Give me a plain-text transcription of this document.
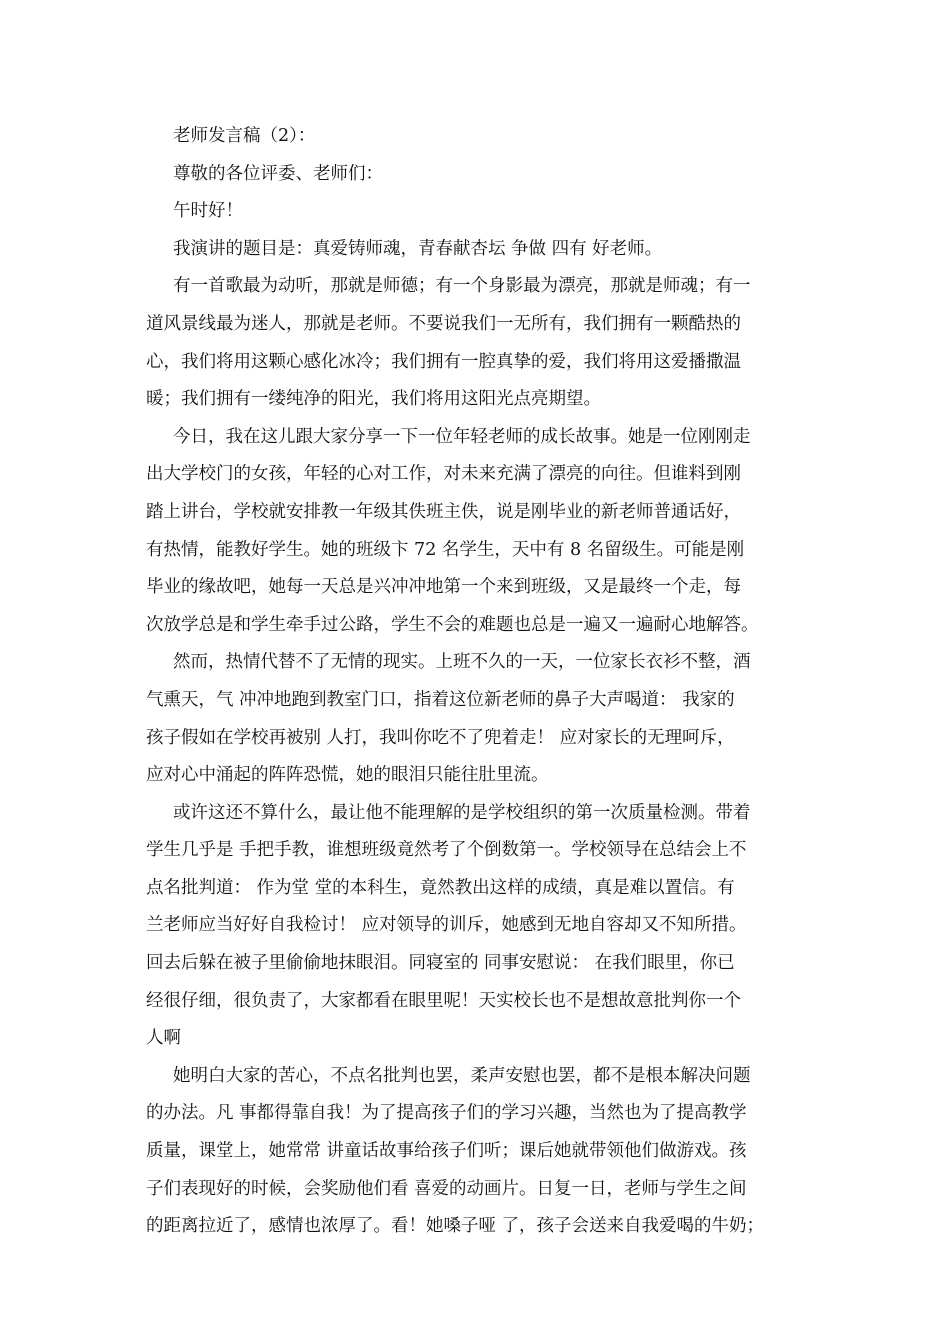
老师发言稿（2）：

尊敬的各位评委、老师们：

午时好！

我演讲的题目是：真爱铸师魂，青春献杏坛 争做 四有 好老师。

有一首歌最为动听，那就是师德；有一个身影最为漂亮，那就是师魂；有一
道风景线最为迷人，那就是老师。不要说我们一无所有，我们拥有一颗酷热的
心，我们将用这颗心感化冰冷；我们拥有一腔真挚的爱，我们将用这爱播撒温
暖；我们拥有一缕纯净的阳光，我们将用这阳光点亮期望。

今日，我在这儿跟大家分享一下一位年轻老师的成长故事。她是一位刚刚走
出大学校门的女孩，年轻的心对工作，对未来充满了漂亮的向往。但谁料到刚
踏上讲台，学校就安排教一年级其佚班主佚，说是刚毕业的新老师普通话好，
有热情，能教好学生。她的班级卞 72 名学生，天中有 8 名留级生。可能是刚
毕业的缘故吧，她每一天总是兴冲冲地第一个来到班级，又是最终一个走，每
次放学总是和学生牵手过公路，学生不会的难题也总是一遍又一遍耐心地解答。

然而，热情代替不了无情的现实。上班不久的一天，一位家长衣衫不整，酒
气熏天，气 冲冲地跑到教室门口，指着这位新老师的鼻子大声喝道： 我家的
孩子假如在学校再被别 人打，我叫你吃不了兜着走！ 应对家长的无理呵斥，
应对心中涌起的阵阵恐慌，她的眼泪只能往肚里流。

或许这还不算什么，最让他不能理解的是学校组织的第一次质量检测。带着
学生几乎是 手把手教，谁想班级竟然考了个倒数第一。学校领导在总结会上不
点名批判道： 作为堂 堂的本科生，竟然教出这样的成绩，真是难以置信。有
兰老师应当好好自我检讨！ 应对领导的训斥，她感到无地自容却又不知所措。
回去后躲在被子里偷偷地抹眼泪。同寝室的 同事安慰说： 在我们眼里，你已
经很仔细，很负责了，大家都看在眼里呢！天实校长也不是想故意批判你一个
人啊

她明白大家的苦心，不点名批判也罢，柔声安慰也罢，都不是根本解决问题
的办法。凡 事都得靠自我！为了提高孩子们的学习兴趣，当然也为了提高教学
质量，课堂上，她常常 讲童话故事给孩子们听；课后她就带领他们做游戏。孩
子们表现好的时候，会奖励他们看 喜爱的动画片。日复一日，老师与学生之间
的距离拉近了，感情也浓厚了。看！她嗓子哑 了，孩子会送来自我爱喝的牛奶；
